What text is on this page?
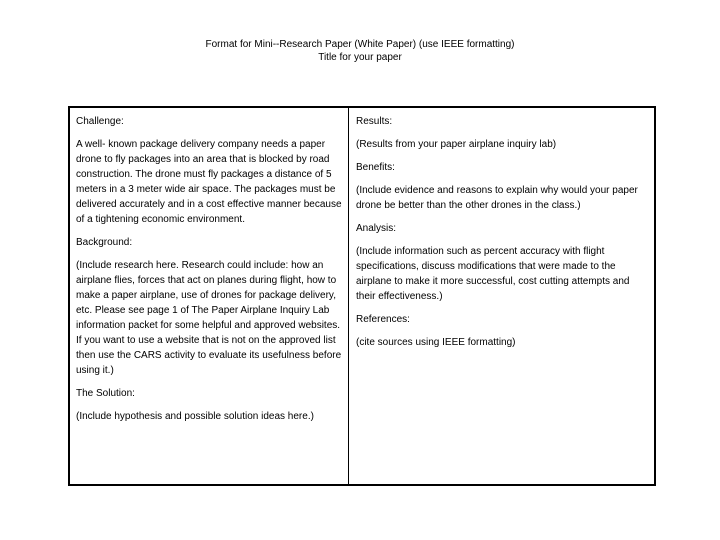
Format for Mini--Research Paper (White Paper) (use IEEE formatting)
Title for your paper

Challenge:

A well- known package delivery company needs a paper drone to fly packages into an area that is blocked by road construction. The drone must fly packages a distance of 5 meters in a 3 meter wide air space. The packages must be delivered accurately and in a cost effective manner because of a tightening economic environment.

Background:

(Include research here. Research could include: how an airplane flies, forces that act on planes during flight, how to make a paper airplane, use of drones for package delivery, etc. Please see page 1 of The Paper Airplane Inquiry Lab information packet for some helpful and approved websites. If you want to use a website that is not on the approved list then use the CARS activity to evaluate its usefulness before using it.)

The Solution:

(Include hypothesis and possible solution ideas here.)

Results:

(Results from your paper airplane inquiry lab)

Benefits:

(Include evidence and reasons to explain why would your paper drone be better than the other drones in the class.)

Analysis:

(Include information such as percent accuracy with flight specifications, discuss modifications that were made to the airplane to make it more successful, cost cutting attempts and their effectiveness.)

References:

(cite sources using IEEE formatting)
